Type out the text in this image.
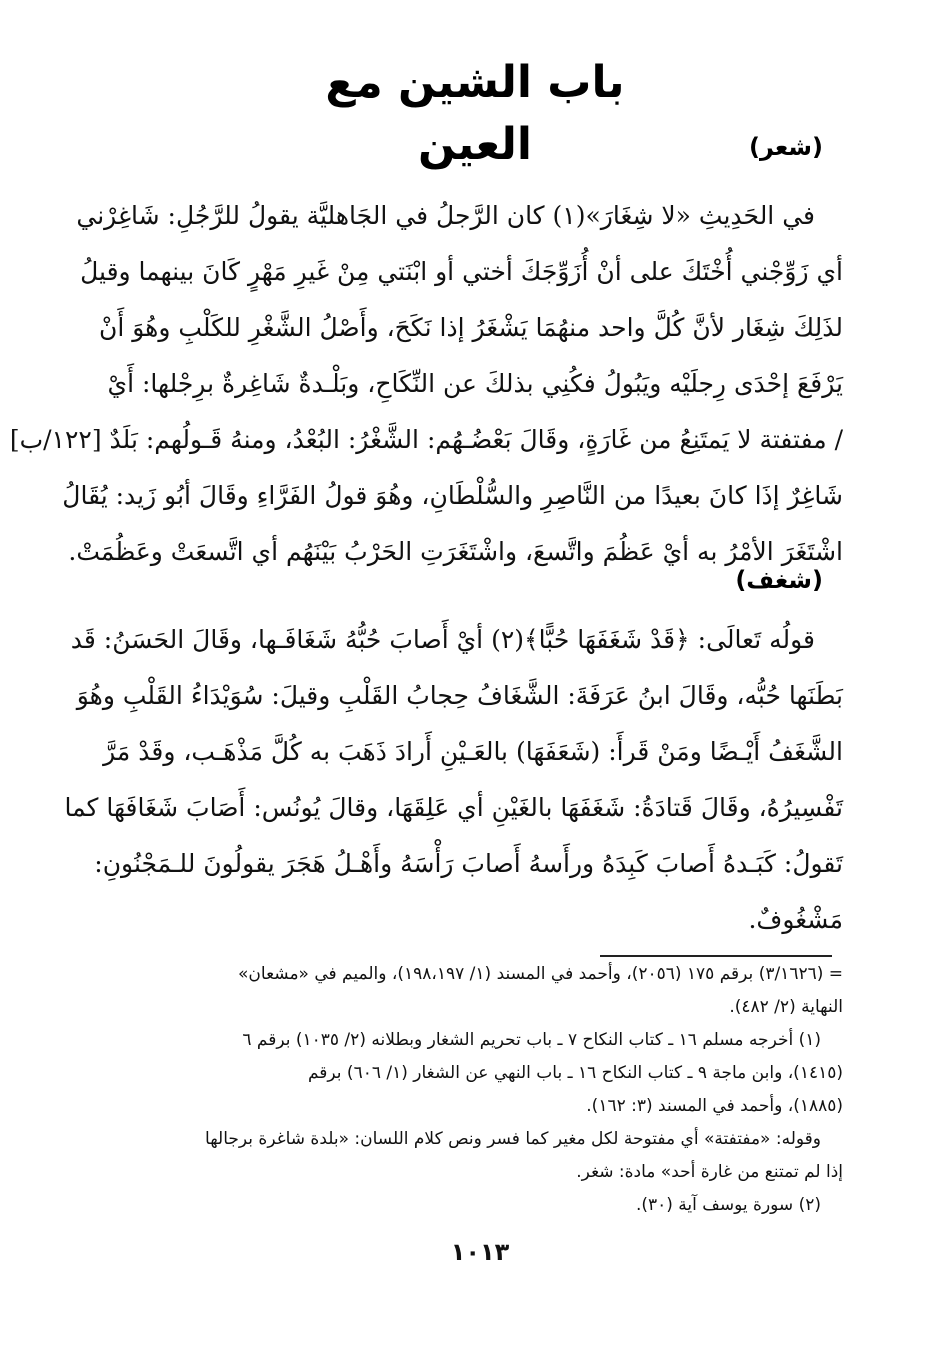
باب الشين مع العين	(شعر)
في الحَدِيثِ «لا شِغَارَ»(١) كان الرَّجلُ في الجَاهليَّة يقولُ للرَّجُلِ: شَاغِرْني
أي زَوِّجْني أُخْتَكَ على أنْ أُزَوِّجَكَ أختي أو ابْنَتي مِنْ غَيرِ مَهْرٍ كَانَ بينهما وقيلُ
لذَلِكَ شِغَار لأنَّ كُلَّ واحد منهُمَا يَشْغَرُ إذا نَكَحَ، وأَصْلُ الشَّغْرِ للكَلْبِ وهُوَ أَنْ
يَرْفَعَ إحْدَى رِجلَيْه ويَبُولُ فكُنِي بذلكَ عن النِّكَاحِ، وبَلْـدةٌ شَاغِرةٌ برِجْلها: أَيْ
/ مفتفتة لا يَمتَنِعُ من غَارَةٍ، وقَالَ بَعْضُـهُم: الشَّغْرُ: البُعْدُ، ومنهُ قَـولُهم: بَلَدٌ [١٢٢/ب]
شَاغِرٌ إذَا كانَ بعيدًا من النَّاصِرِ والسُّلْطَانِ، وهُوَ قولُ الفَرَّاءِ وقَالَ أبُو زَيد: يُقَالُ
اشْتَغَرَ الأمْرُ به أيْ عَظُمَ واتَّسعَ، واشْتَغَرَتِ الحَرْبُ بَيْنَهُم أي اتَّسعَتْ وعَظُمَتْ.
(شغف)
قولُه تَعالَى: ﴿قَدْ شَغَفَهَا حُبًّا﴾(٢) أيْ أَصابَ حُبُّهُ شَغَافَـها، وقَالَ الحَسَنُ: قَد
بَطَنَها حُبُّه، وقَالَ ابنُ عَرَفَةَ: الشَّغَافُ حِجابُ القَلْبِ وقيلَ: سُوَيْدَاءُ القَلْبِ وهُوَ
الشَّغَفُ أَيْـضًا ومَنْ قَرأَ: (شَعَفَهَا) بالعَـيْنِ أَرادَ ذَهَبَ به كُلَّ مَذْهَـب، وقَدْ مَرَّ
تَفْسِيرُهُ، وقَالَ قَتادَةُ: شَغَفَهَا بالغَيْنِ أي عَلِقَهَا، وقالَ يُونُس: أَصَابَ شَغَافَهَا كما
تَقولُ: كَبَـدهُ أَصابَ كَبِدَهُ ورأَسهُ أَصابَ رَأْسَهُ وأَهْـلُ هَجَرَ يقولُونَ للـمَجْنُونِ:
مَشْغُوفٌ.
= (٣/١٦٢٦) برقم ١٧٥ (٢٠٥٦)، وأحمد في المسند (١/ ١٩٨،١٩٧)، والميم في «مشعان»
النهاية (٢/ ٤٨٢).
(١) أخرجه مسلم ١٦ ـ كتاب النكاح ٧ ـ باب تحريم الشغار وبطلانه (٢/ ١٠٣٥) برقم ٦
(١٤١٥)، وابن ماجة ٩ ـ كتاب النكاح ١٦ ـ باب النهي عن الشغار (١/ ٦٠٦) برقم
(١٨٨٥)، وأحمد في المسند (٣: ١٦٢).
وقوله: «مفتفتة» أي مفتوحة لكل مغير كما فسر ونص كلام اللسان: «بلدة شاغرة برجالها
إذا لم تمتنع من غارة أحد» مادة: شغر.
(٢) سورة يوسف آية (٣٠).
١٠١٣
